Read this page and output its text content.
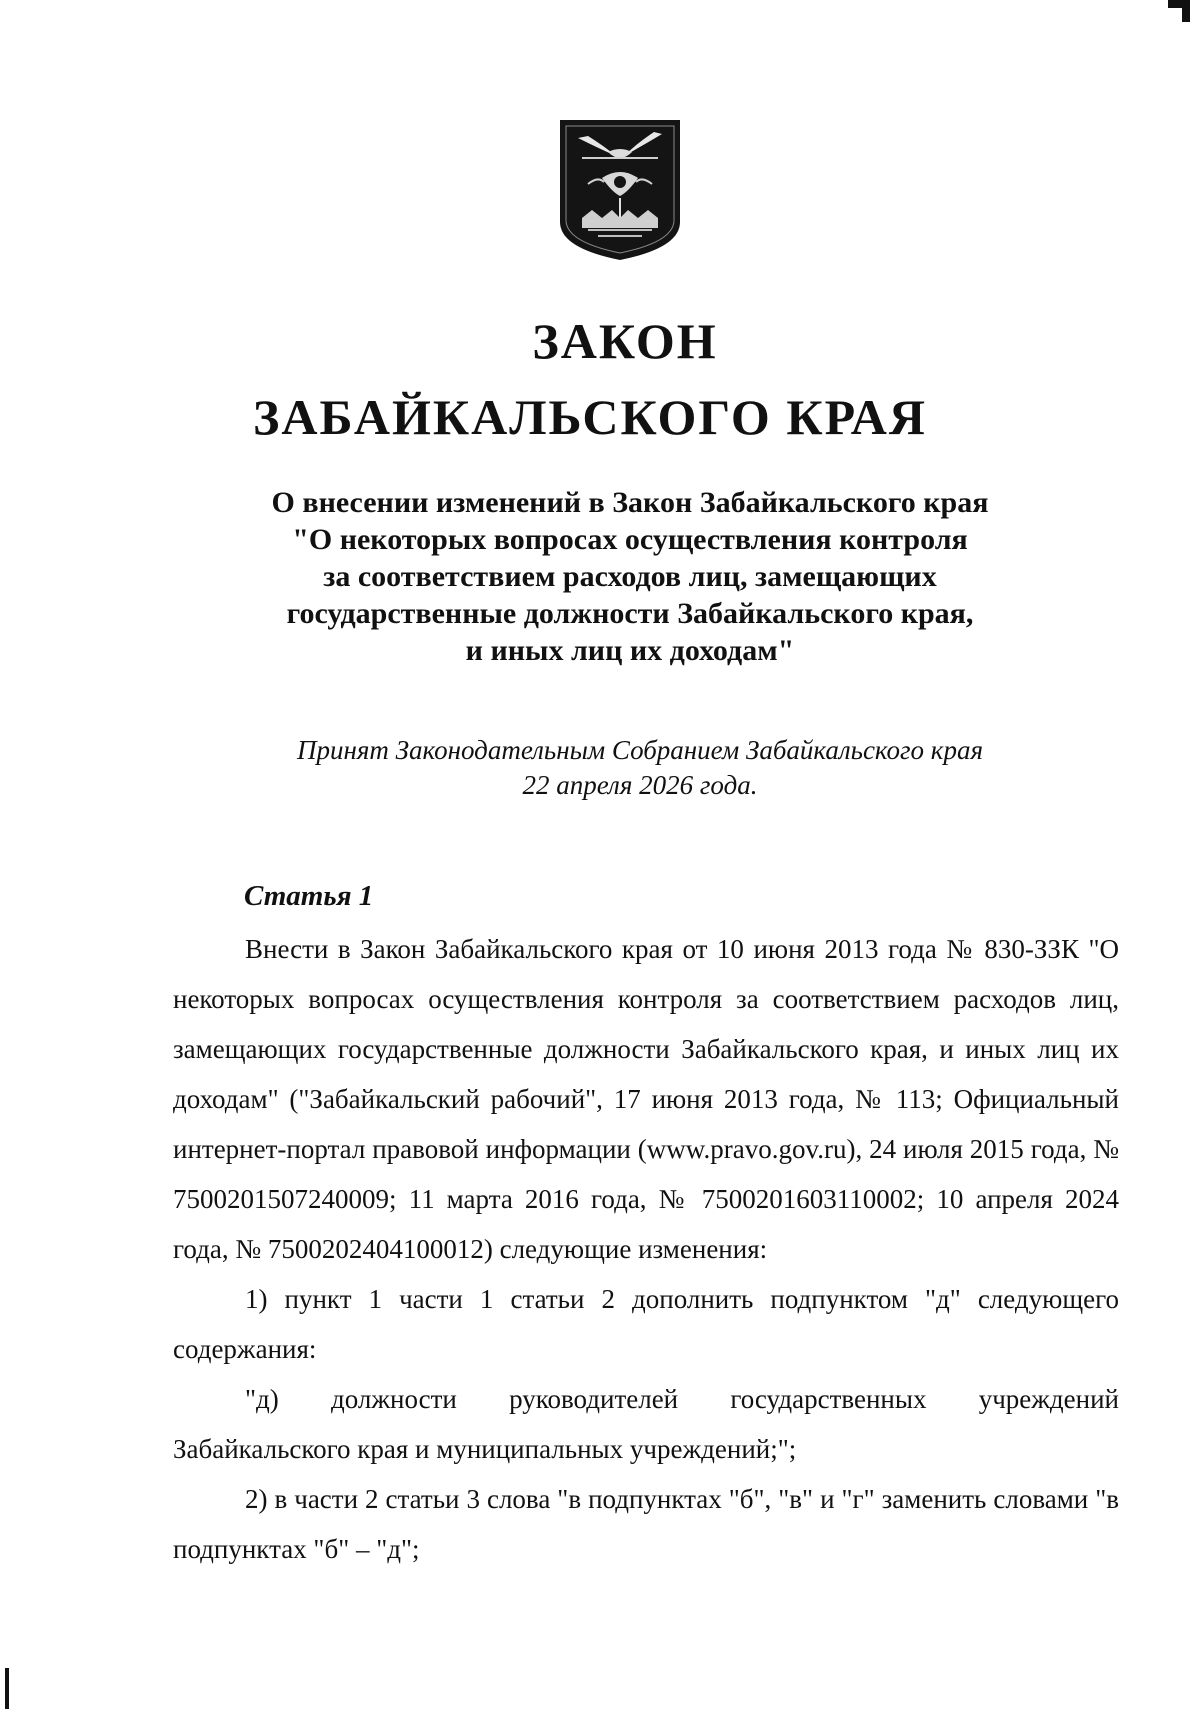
ЗАКОН
ЗАБАЙКАЛЬСКОГО КРАЯ
О внесении изменений в Закон Забайкальского края
"О некоторых вопросах осуществления контроля
за соответствием расходов лиц, замещающих
государственные должности Забайкальского края,
и иных лиц их доходам"
Принят Законодательным Собранием Забайкальского края
22 апреля 2026 года.
Статья 1

Внести в Закон Забайкальского края от 10 июня 2013 года № 830-ЗЗК "О некоторых вопросах осуществления контроля за соответствием расходов лиц, замещающих государственные должности Забайкальского края, и иных лиц их доходам" ("Забайкальский рабочий", 17 июня 2013 года, № 113; Официальный интернет-портал правовой информации (www.pravo.gov.ru), 24 июля 2015 года, № 7500201507240009; 11 марта 2016 года, № 7500201603110002; 10 апреля 2024 года, № 7500202404100012) следующие изменения:

1) пункт 1 части 1 статьи 2 дополнить подпунктом "д" следующего содержания:

"д) должности руководителей государственных учреждений Забайкальского края и муниципальных учреждений;";

2) в части 2 статьи 3 слова "в подпунктах "б", "в" и "г" заменить словами "в подпунктах "б" – "д";
